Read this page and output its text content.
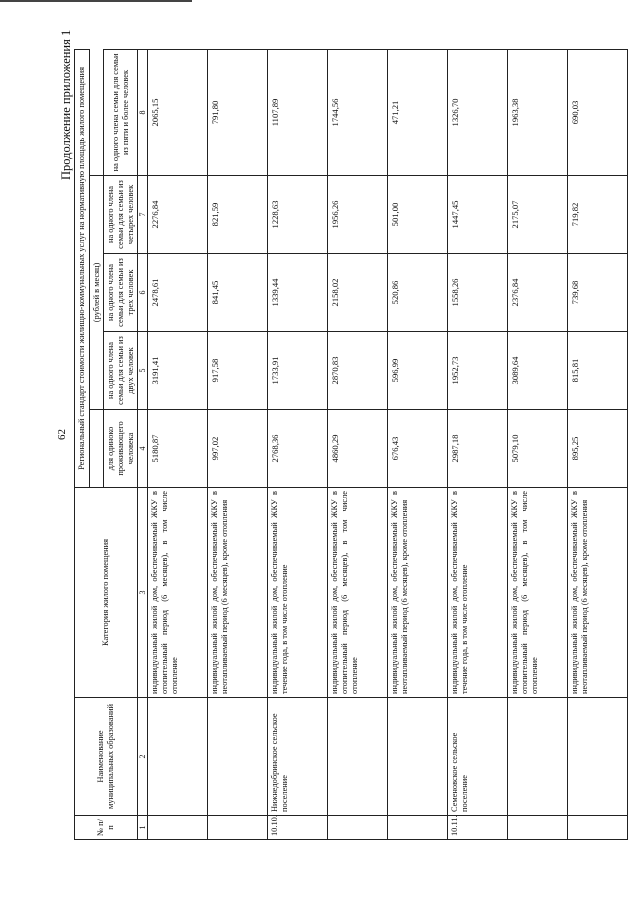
62
Продолжение приложения 1
№ п/п	Наименование муниципальных образований	Категория жилого помещения	Региональный стандарт стоимости жилищно-коммунальных услуг на нормативную площадь жилого помещения				
				(рублей в месяц)			
			для одиноко проживающего человека	на одного члена семьи для семьи из двух человек	на одного члена семьи для семьи из трех человек	на одного члена семьи для семьи из четырех человек	на одного члена семьи для семьи из пяти и более человек
1	2	3	4	5	6	7	8
		индивидуальный жилой дом, обеспечиваемый ЖКУ в отопительный период (6 месяцев), в том числе отопление	5180,87	3191,41	2478,61	2276,84	2065,15
		индивидуальный жилой дом, обеспечиваемый ЖКУ в неотапливаемый период (6 месяцев), кроме отопления	997,02	917,58	841,45	821,59	791,80
10.10.	Нижнедобринское сельское поселение	индивидуальный жилой дом, обеспечиваемый ЖКУ в течение года, в том числе отопление	2768,36	1733,91	1339,44	1228,63	1107,89
		индивидуальный жилой дом, обеспечиваемый ЖКУ в отопительный период (6 месяцев), в том числе отопление	4860,29	2870,83	2158,02	1956,26	1744,56
		индивидуальный жилой дом, обеспечиваемый ЖКУ в неотапливаемый период (6 месяцев), кроме отопления	676,43	596,99	520,86	501,00	471,21
10.11.	Семеновское сельское поселение	индивидуальный жилой дом, обеспечиваемый ЖКУ в течение года, в том числе отопление	2987,18	1952,73	1558,26	1447,45	1326,70
		индивидуальный жилой дом, обеспечиваемый ЖКУ в отопительный период (6 месяцев), в том числе отопление	5079,10	3089,64	2376,84	2175,07	1963,38
		индивидуальный жилой дом, обеспечиваемый ЖКУ в неотапливаемый период (6 месяцев), кроме отопления	895,25	815,81	739,68	719,82	690,03
